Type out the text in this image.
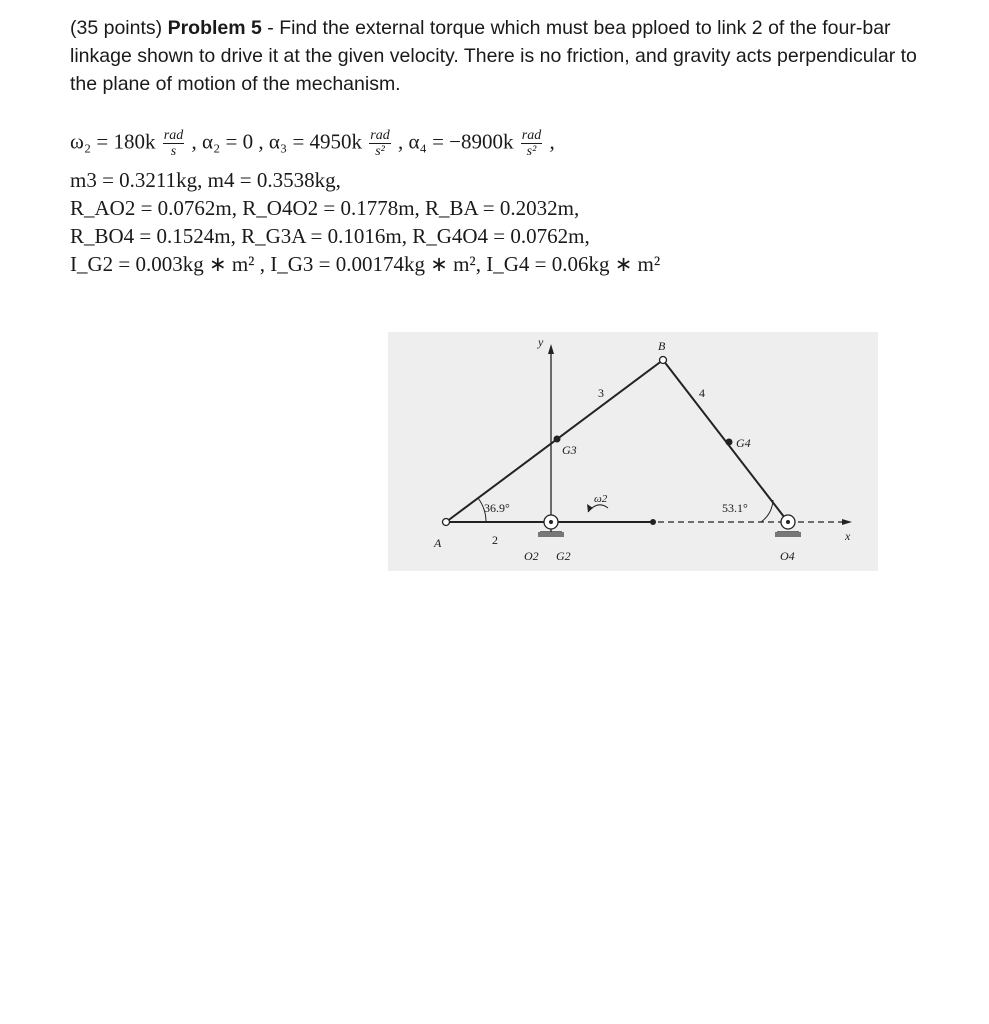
(35 points) Problem 5 - Find the external torque which must bea pploed to link 2 of the four-bar linkage shown to drive it at the given velocity. There is no friction, and gravity acts perpendicular to the plane of motion of the mechanism.
$\omega_2 = 180k \frac{\text{rad}}{s}$ , α₂ = 0 , $\alpha_3 = 4950k \frac{\text{rad}}{\text{s²}}$ , $\alpha_4 = -8900k \frac{\text{rad}}{\text{s²}}$ ,
m3 = 0.3211kg, m4 = 0.3538kg,
R_AO2 = 0.0762m, R_O4O2 = 0.1778m, R_BA = 0.2032m,
R_BO4 = 0.1524m, R_G3A = 0.1016m, R_G4O4 = 0.0762m,
I_G2 = 0.003kg ∗ m² , I_G3 = 0.00174kg ∗ m², I_G4 = 0.06kg ∗ m²
y
x
A
B
G3	G4
O2 G2	O4
2
3	4
36.9°	53.1°
ω2
